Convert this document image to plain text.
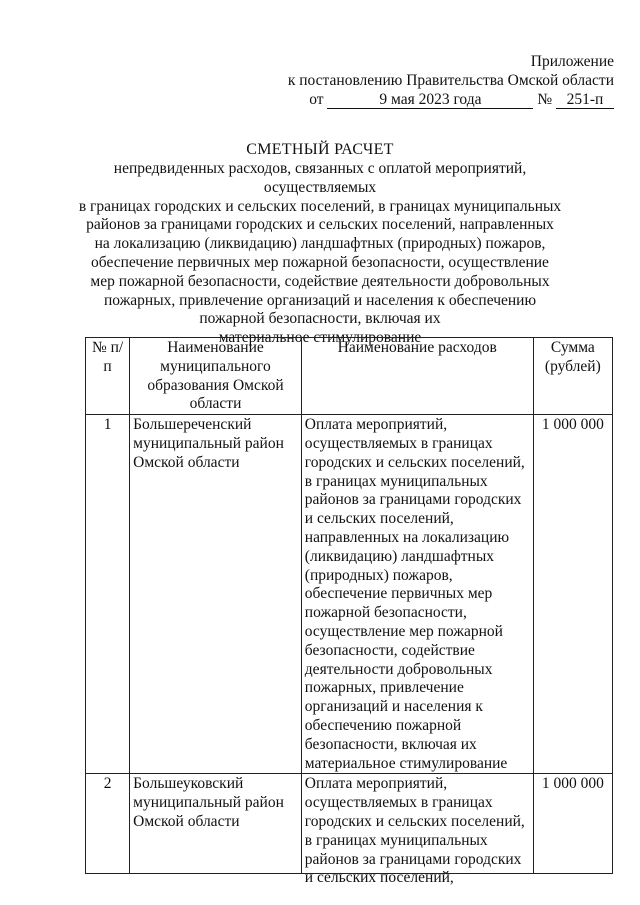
Приложение
к постановлению Правительства Омской области
от	9 мая 2023 года	№ 251-п
СМЕТНЫЙ РАСЧЕТ
непредвиденных расходов, связанных с оплатой мероприятий, осуществляемых
в границах городских и сельских поселений, в границах муниципальных
районов за границами городских и сельских поселений, направленных
на локализацию (ликвидацию) ландшафтных (природных) пожаров,
обеспечение первичных мер пожарной безопасности, осуществление
мер пожарной безопасности, содействие деятельности добровольных
пожарных, привлечение организаций и населения к обеспечению
пожарной безопасности, включая их
материальное стимулирование
№ п/п	Наименование муниципального образования Омской области	Наименование расходов	Сумма (рублей)
1	Большереченский муниципальный район Омской области	Оплата мероприятий, осуществляемых в границах городских и сельских поселений, в границах муниципальных районов за границами городских и сельских поселений, направленных на локализацию (ликвидацию) ландшафтных (природных) пожаров, обеспечение первичных мер пожарной безопасности, осуществление мер пожарной безопасности, содействие деятельности добровольных пожарных, привлечение организаций и населения к обеспечению пожарной безопасности, включая их материальное стимулирование	1 000 000
2	Большеуковский муниципальный район Омской области	Оплата мероприятий, осуществляемых в границах городских и сельских поселений, в границах муниципальных районов за границами городских и сельских поселений,	1 000 000
